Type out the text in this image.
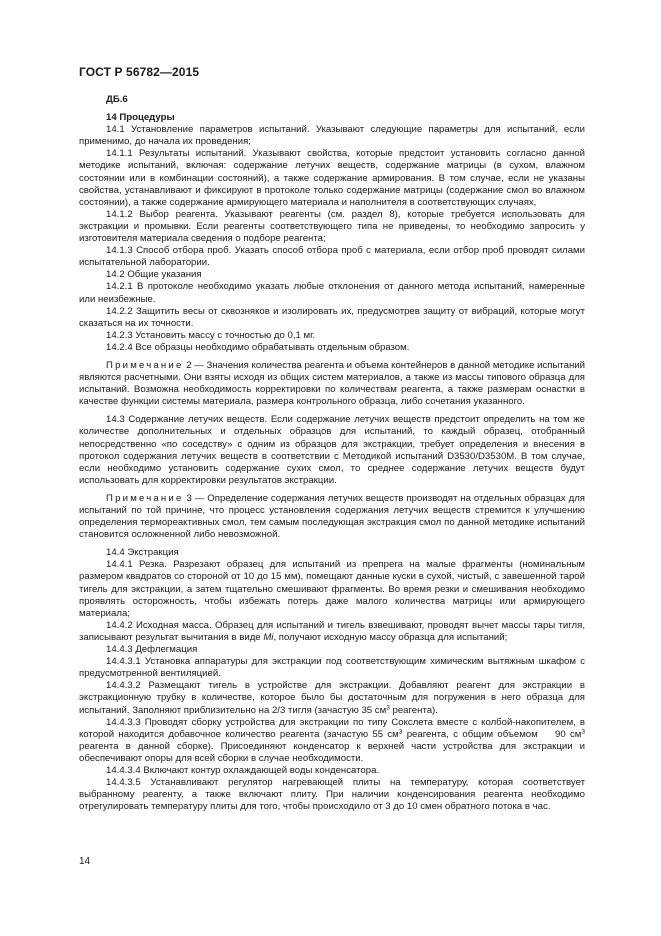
ГОСТ Р 56782—2015

ДБ.6

14 Процедуры

14.1 Установление параметров испытаний. Указывают следующие параметры для испытаний, если применимо, до начала их проведения;

14.1.1 Результаты испытаний. Указывают свойства, которые предстоит установить согласно данной методике испытаний, включая: содержание летучих веществ, содержание матрицы (в сухом, влажном состоянии или в комбинации состояний), а также содержание армирования. В том случае, если не указаны свойства, устанавливают и фиксируют в протоколе только содержание матрицы (содержание смол во влажном состоянии), а также содержание армирующего материала и наполнителя в соответствующих случаях,

14.1.2 Выбор реагента. Указывают реагенты (см. раздел 8), которые требуется использовать для экстракции и промывки. Если реагенты соответствующего типа не приведены, то необходимо запросить у изготовителя материала сведения о подборе реагента;

14.1.3 Способ отбора проб. Указать способ отбора проб с материала, если отбор проб проводят силами испытательной лаборатории.

14.2 Общие указания

14.2.1 В протоколе необходимо указать любые отклонения от данного метода испытаний, намеренные или неизбежные.

14.2.2 Защитить весы от сквозняков и изолировать их, предусмотрев защиту от вибраций, которые могут сказаться на их точности.

14.2.3 Установить массу с точностью до 0,1 мг.

14.2.4 Все образцы необходимо обрабатывать отдельным образом.

Примечание 2 — Значения количества реагента и объема контейнеров в данной методике испытаний являются расчетными. Они взяты исходя из общих систем материалов, а также из массы типового образца для испытаний. Возможна необходимость корректировки по количествам реагента, а также размерам оснастки в качестве функции системы материала, размера контрольного образца, либо сочетания указанного.

14.3 Содержание летучих веществ. Если содержание летучих веществ предстоит определить на том же количестве дополнительных и отдельных образцов для испытаний, то каждый образец, отобранный непосредственно «по соседству» с одним из образцов для экстракции, требует определения и внесения в протокол содержания летучих веществ в соответствии с Методикой испытаний D3530/D3530M. В том случае, если необходимо установить содержание сухих смол, то среднее содержание летучих веществ будут использовать для корректировки результатов экстракции.

Примечание 3 — Определение содержания летучих веществ производят на отдельных образцах для испытаний по той причине, что процесс установления содержания летучих веществ стремится к улучшению определения термореактивных смол, тем самым последующая экстракция смол по данной методике испытаний становится осложненной либо невозможной.

14.4 Экстракция

14.4.1 Резка. Разрезают образец для испытаний из препрега на малые фрагменты (номинальным размером квадратов со стороной от 10 до 15 мм), помещают данные куски в сухой, чистый, с завешенной тарой тигель для экстракции, а затем тщательно смешивают фрагменты. Во время резки и смешивания необходимо проявлять осторожность, чтобы избежать потерь даже малого количества матрицы или армирующего материала;

14.4.2 Исходная масса. Образец для испытаний и тигель взвешивают, проводят вычет массы тары тигля, записывают результат вычитания в виде Mi, получают исходную массу образца для испытаний;

14.4.3 Дефлегмация

14.4.3.1 Установка аппаратуры для экстракции под соответствующим химическим вытяжным шкафом с предусмотренной вентиляцией.

14.4.3.2 Размещают тигель в устройстве для экстракции. Добавляют реагент для экстракции в экстракционную трубку в количестве, которое было бы достаточным для погружения в него образца для испытаний. Заполняют приблизительно на 2/3 тигля (зачастую 35 $см^3$ реагента).

14.4.3.3 Проводят сборку устройства для экстракции по типу Сокслета вместе с колбой-накопителем, в которой находится добавочное количество реагента (зачастую 55 $см^3$ реагента, с общим объемом    90 $см^3$ реагента в данной сборке). Присоединяют конденсатор к верхней части устройства для экстракции и обеспечивают опоры для всей сборки в случае необходимости.

14.4.3.4 Включают контур охлаждающей воды конденсатора.

14.4.3.5 Устанавливают регулятор нагревающей плиты на температуру, которая соответствует выбранному реагенту, а также включают плиту. При наличии конденсирования реагента необходимо отрегулировать температуру плиты для того, чтобы происходило от 3 до 10 смен обратного потока в час.

14
